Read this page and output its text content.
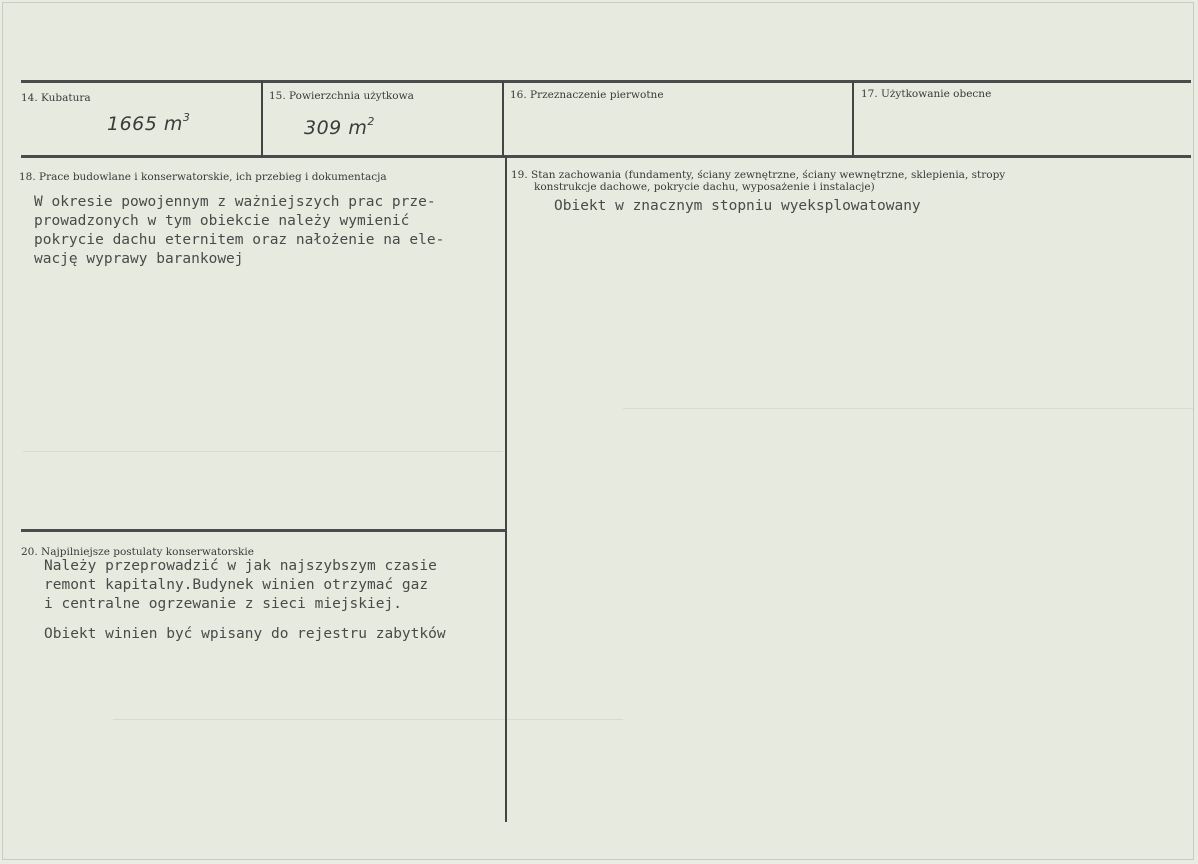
14. Kubatura
1665 $m^3$
15. Powierzchnia użytkowa
309 $m^2$
16. Przeznaczenie pierwotne	17. Użytkowanie obecne
18. Prace budowlane i konserwatorskie, ich przebieg i dokumentacja
W okresie powojennym z ważniejszych prac prze-
prowadzonych w tym obiekcie należy wymienić
pokrycie dachu eternitem oraz nałożenie na ele-
wację wyprawy barankowej
19. Stan zachowania (fundamenty, ściany zewnętrzne, ściany wewnętrzne, sklepienia, stropy
konstrukcje dachowe, pokrycie dachu, wyposażenie i instalacje)
Obiekt w znacznym stopniu wyeksplowatowany
20. Najpilniejsze postulaty konserwatorskie
Należy przeprowadzić w jak najszybszym czasie
remont kapitalny.Budynek winien otrzymać gaz
i centralne ogrzewanie z sieci miejskiej.
Obiekt winien być wpisany do rejestru zabytków
